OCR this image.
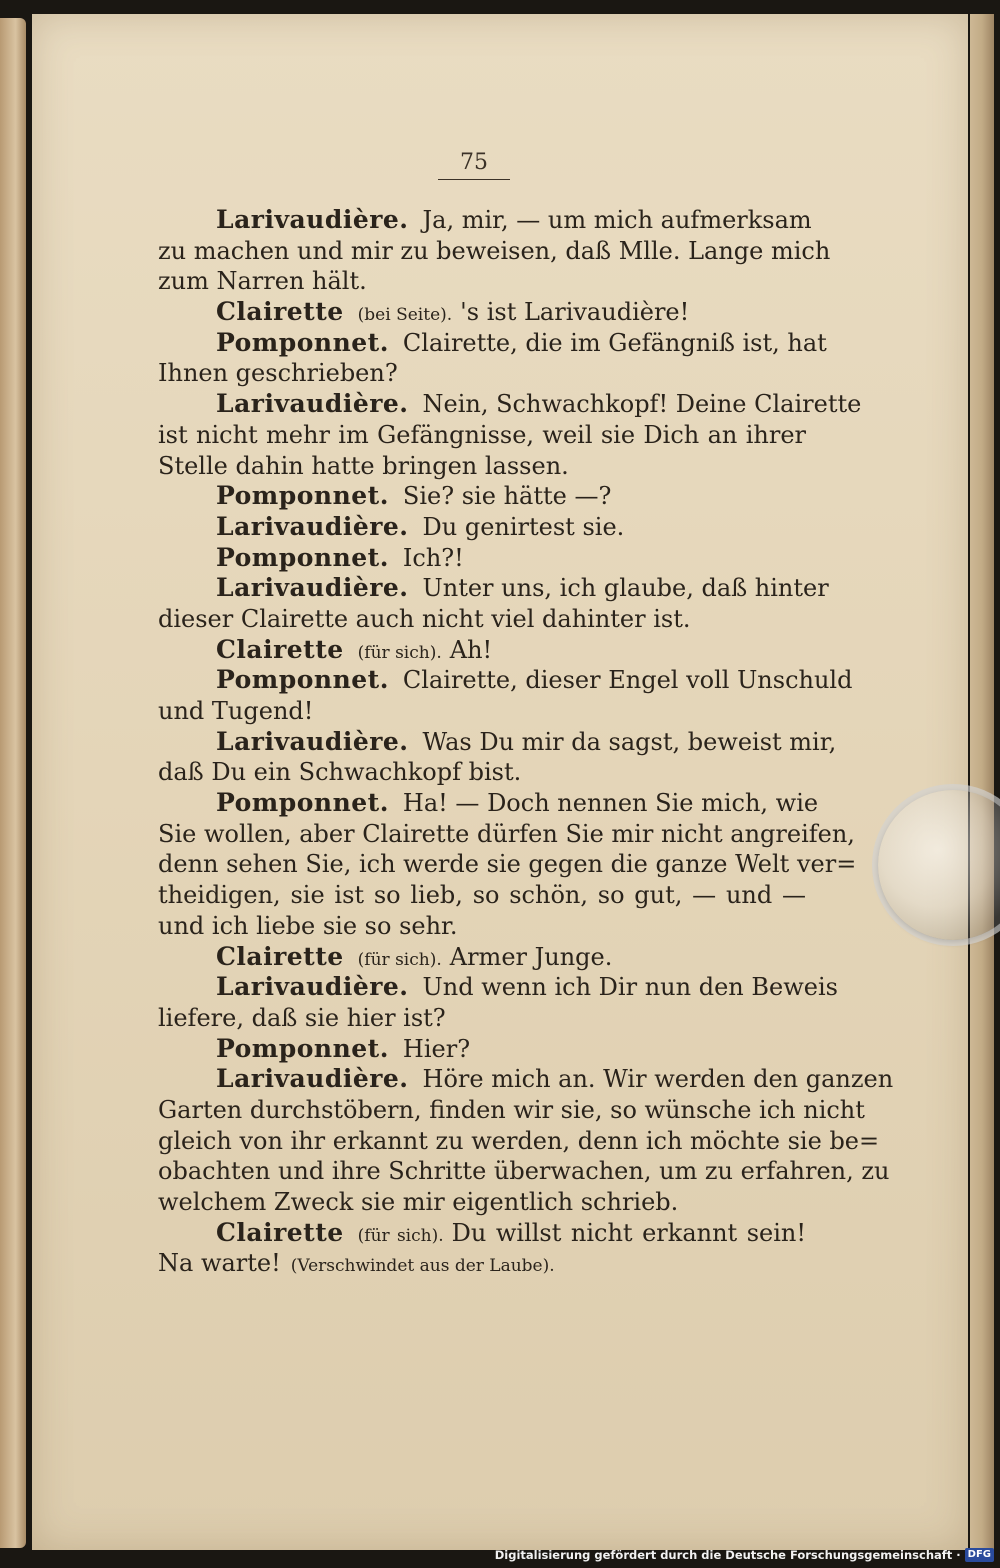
75
Larivaudière. Ja, mir, — um mich aufmerksam
zu machen und mir zu beweisen, daß Mlle. Lange mich
zum Narren hält.
Clairette (bei Seite). 's ist Larivaudière!
Pomponnet. Clairette, die im Gefängniß ist, hat
Ihnen geschrieben?
Larivaudière. Nein, Schwachkopf! Deine Clairette
ist nicht mehr im Gefängnisse, weil sie Dich an ihrer
Stelle dahin hatte bringen lassen.
Pomponnet. Sie? sie hätte —?
Larivaudière. Du genirtest sie.
Pomponnet. Ich?!
Larivaudière. Unter uns, ich glaube, daß hinter
dieser Clairette auch nicht viel dahinter ist.
Clairette (für sich). Ah!
Pomponnet. Clairette, dieser Engel voll Unschuld
und Tugend!
Larivaudière. Was Du mir da sagst, beweist mir,
daß Du ein Schwachkopf bist.
Pomponnet. Ha! — Doch nennen Sie mich, wie
Sie wollen, aber Clairette dürfen Sie mir nicht angreifen,
denn sehen Sie, ich werde sie gegen die ganze Welt ver=
theidigen, sie ist so lieb, so schön, so gut, — und —
und ich liebe sie so sehr.
Clairette (für sich). Armer Junge.
Larivaudière. Und wenn ich Dir nun den Beweis
liefere, daß sie hier ist?
Pomponnet. Hier?
Larivaudière. Höre mich an. Wir werden den ganzen
Garten durchstöbern, finden wir sie, so wünsche ich nicht
gleich von ihr erkannt zu werden, denn ich möchte sie be=
obachten und ihre Schritte überwachen, um zu erfahren, zu
welchem Zweck sie mir eigentlich schrieb.
Clairette (für sich). Du willst nicht erkannt sein!
Na warte! (Verschwindet aus der Laube).
Digitalisierung gefördert durch die Deutsche Forschungsgemeinschaft · DFG
